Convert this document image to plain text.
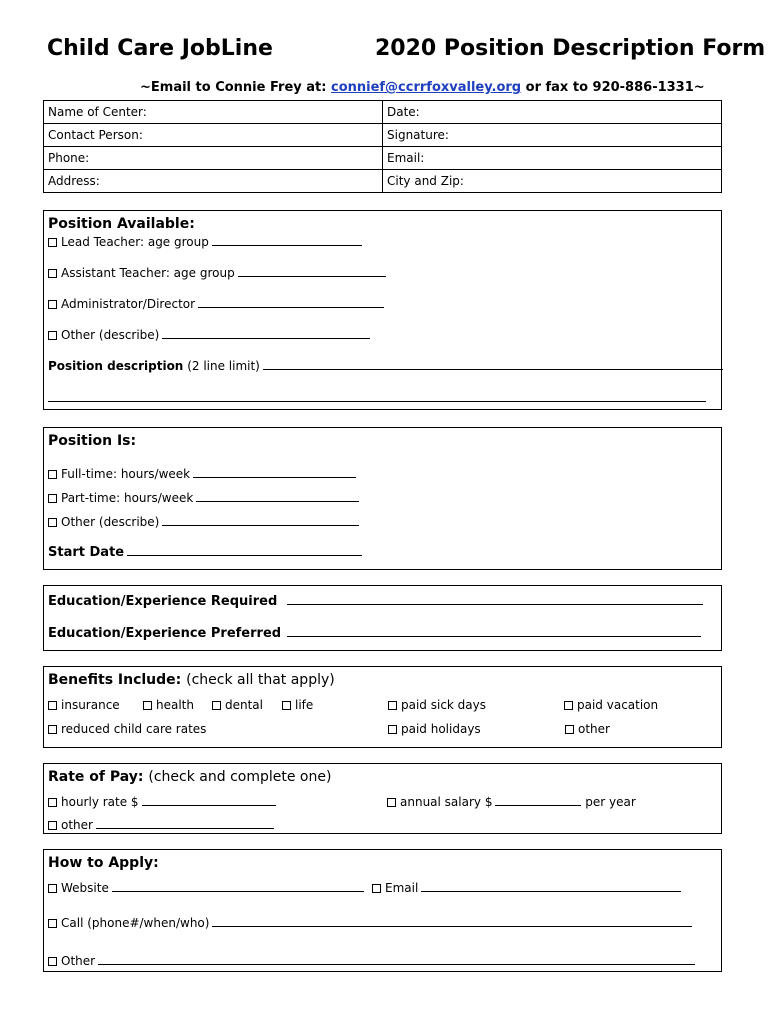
Child Care JobLine	2020 Position Description Form
~Email to Connie Frey at: connief@ccrrfoxvalley.org or fax to 920-886-1331~
Name of Center:	Date:
Contact Person:	Signature:
Phone:	Email:
Address:	City and Zip:
Position Available:
Lead Teacher: age group
Assistant Teacher: age group
Administrator/Director
Other (describe)
Position description (2 line limit)
Position Is:
Full-time: hours/week
Part-time: hours/week
Other (describe)
Start Date
Education/Experience Required
Education/Experience Preferred
Benefits Include: (check all that apply)
insurance	health	dental	life	paid sick days	paid vacation
reduced child care rates	paid holidays	other
Rate of Pay: (check and complete one)
hourly rate $	annual salary $	per year
other
How to Apply:
Website	Email
Call (phone#/when/who)
Other
